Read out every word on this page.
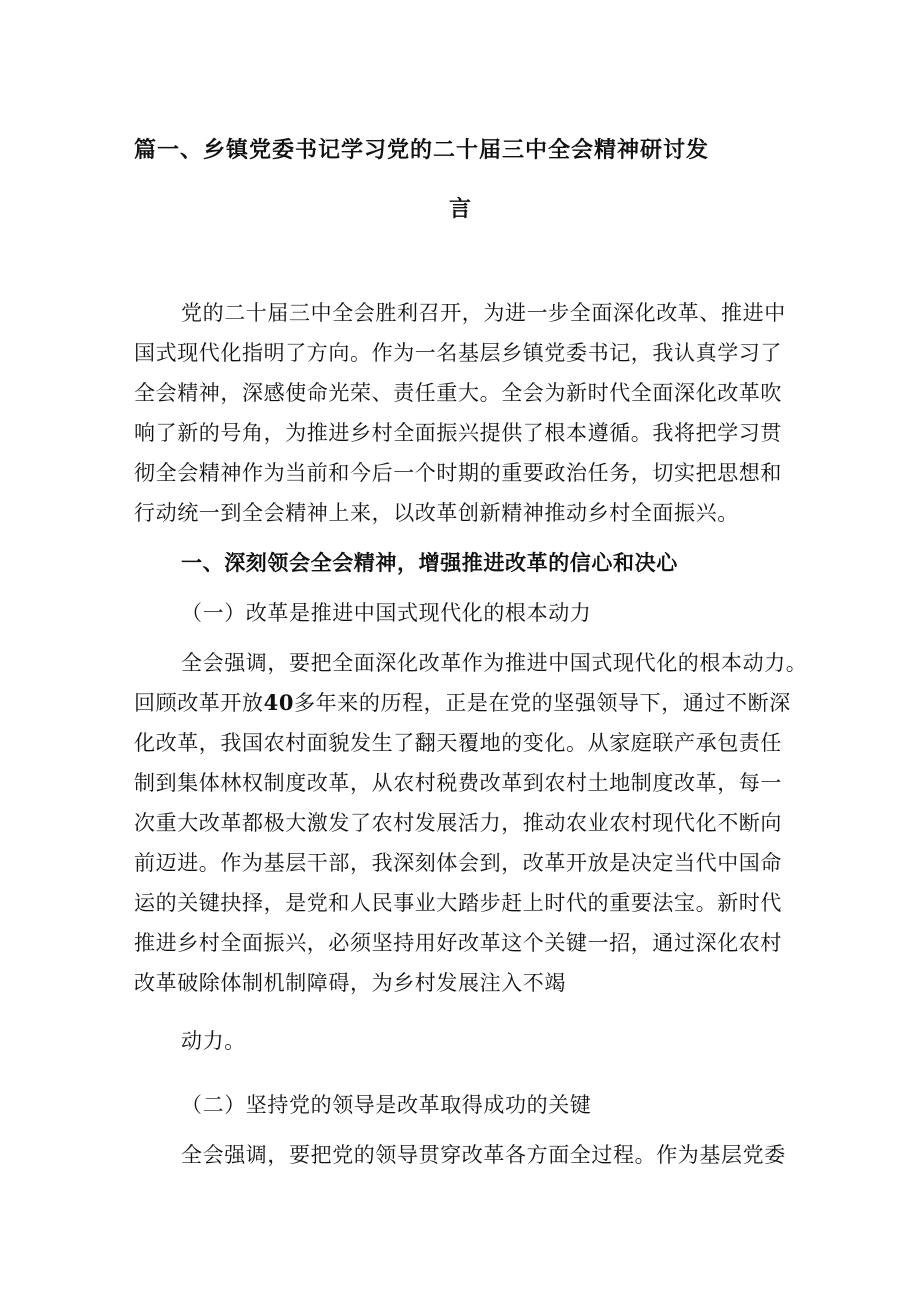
篇一、乡镇党委书记学习党的二十届三中全会精神研讨发

言

党的二十届三中全会胜利召开，为进一步全面深化改革、推进中

国式现代化指明了方向。作为一名基层乡镇党委书记，我认真学习了

全会精神，深感使命光荣、责任重大。全会为新时代全面深化改革吹

响了新的号角，为推进乡村全面振兴提供了根本遵循。我将把学习贯

彻全会精神作为当前和今后一个时期的重要政治任务，切实把思想和

行动统一到全会精神上来，以改革创新精神推动乡村全面振兴。

一、深刻领会全会精神，增强推进改革的信心和决心

（一）改革是推进中国式现代化的根本动力

全会强调，要把全面深化改革作为推进中国式现代化的根本动力。

回顾改革开放40多年来的历程，正是在党的坚强领导下，通过不断深

化改革，我国农村面貌发生了翻天覆地的变化。从家庭联产承包责任

制到集体林权制度改革，从农村税费改革到农村土地制度改革，每一

次重大改革都极大激发了农村发展活力，推动农业农村现代化不断向

前迈进。作为基层干部，我深刻体会到，改革开放是决定当代中国命

运的关键抉择，是党和人民事业大踏步赶上时代的重要法宝。新时代

推进乡村全面振兴，必须坚持用好改革这个关键一招，通过深化农村

改革破除体制机制障碍，为乡村发展注入不竭

动力。

（二）坚持党的领导是改革取得成功的关键

全会强调，要把党的领导贯穿改革各方面全过程。作为基层党委
